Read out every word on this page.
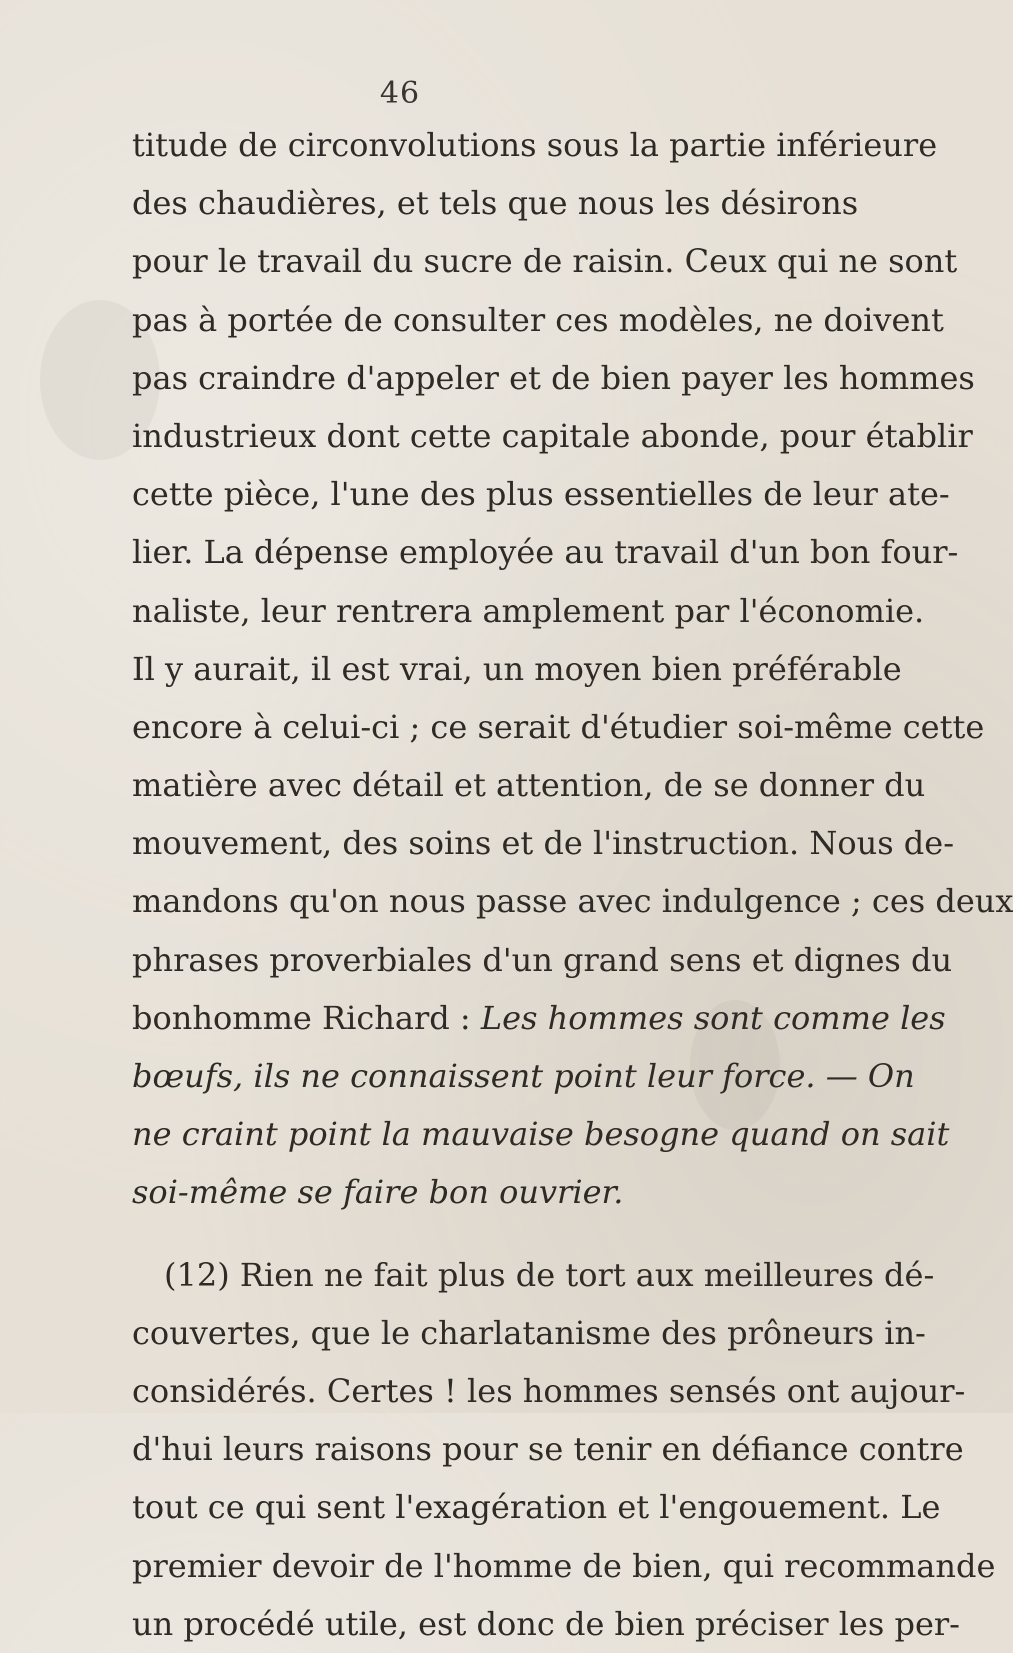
46
titude de circonvolutions sous la partie inférieure
des chaudières, et tels que nous les désirons
pour le travail du sucre de raisin. Ceux qui ne sont
pas à portée de consulter ces modèles, ne doivent
pas craindre d'appeler et de bien payer les hommes
industrieux dont cette capitale abonde, pour établir
cette pièce, l'une des plus essentielles de leur ate-
lier. La dépense employée au travail d'un bon four-
naliste, leur rentrera amplement par l'économie.
Il y aurait, il est vrai, un moyen bien préférable
encore à celui-ci ; ce serait d'étudier soi-même cette
matière avec détail et attention, de se donner du
mouvement, des soins et de l'instruction. Nous de-
mandons qu'on nous passe avec indulgence ; ces deux
phrases proverbiales d'un grand sens et dignes du
bonhomme Richard : Les hommes sont comme les
bœufs, ils ne connaissent point leur force. — On
ne craint point la mauvaise besogne quand on sait
soi-même se faire bon ouvrier.
(12) Rien ne fait plus de tort aux meilleures dé-
couvertes, que le charlatanisme des prôneurs in-
considérés. Certes ! les hommes sensés ont aujour-
d'hui leurs raisons pour se tenir en défiance contre
tout ce qui sent l'exagération et l'engouement. Le
premier devoir de l'homme de bien, qui recommande
un procédé utile, est donc de bien préciser les per-
